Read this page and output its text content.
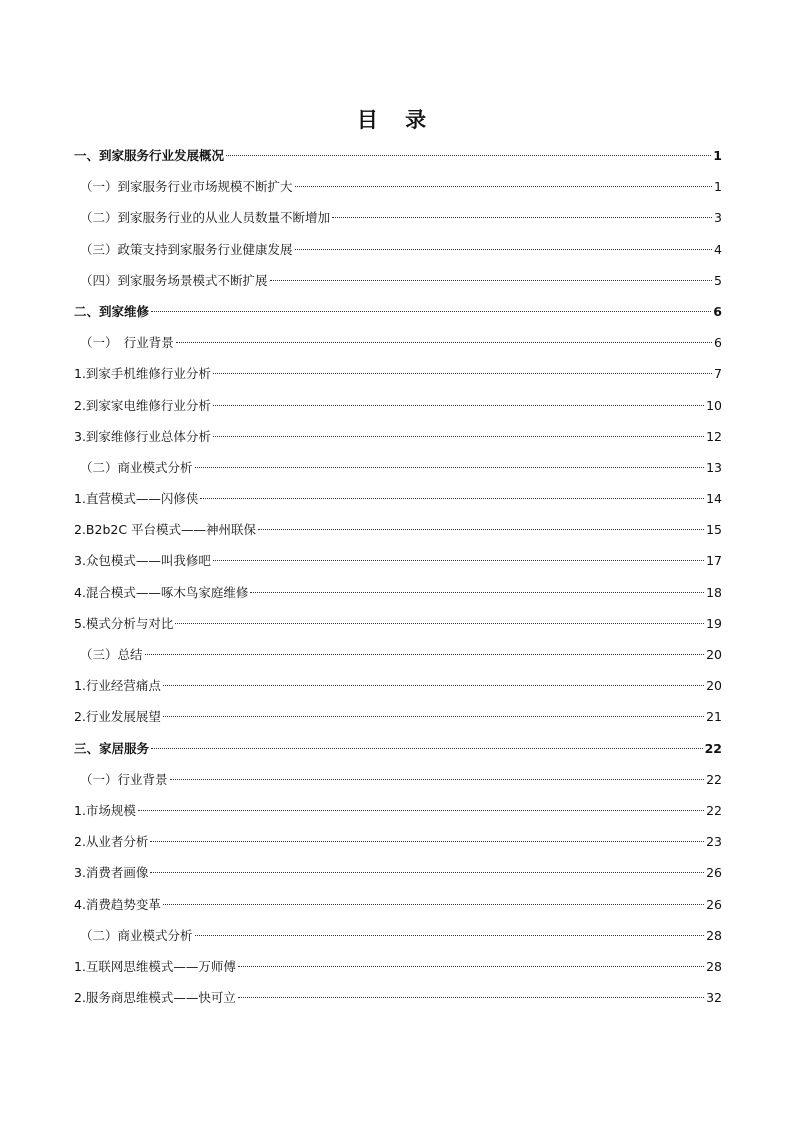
目 录
一、到家服务行业发展概况	1
（一）到家服务行业市场规模不断扩大	1
（二）到家服务行业的从业人员数量不断增加	3
（三）政策支持到家服务行业健康发展	4
（四）到家服务场景模式不断扩展	5
二、到家维修	6
（一）　行业背景	6
1.到家手机维修行业分析	7
2.到家家电维修行业分析	10
3.到家维修行业总体分析	12
（二）商业模式分析	13
1.直营模式——闪修侠	14
2.B2b2C 平台模式——神州联保	15
3.众包模式——叫我修吧	17
4.混合模式——啄木鸟家庭维修	18
5.模式分析与对比	19
（三）总结	20
1.行业经营痛点	20
2.行业发展展望	21
三、家居服务	22
（一）行业背景	22
1.市场规模	22
2.从业者分析	23
3.消费者画像	26
4.消费趋势变革	26
（二）商业模式分析	28
1.互联网思维模式——万师傅	28
2.服务商思维模式——快可立	32
